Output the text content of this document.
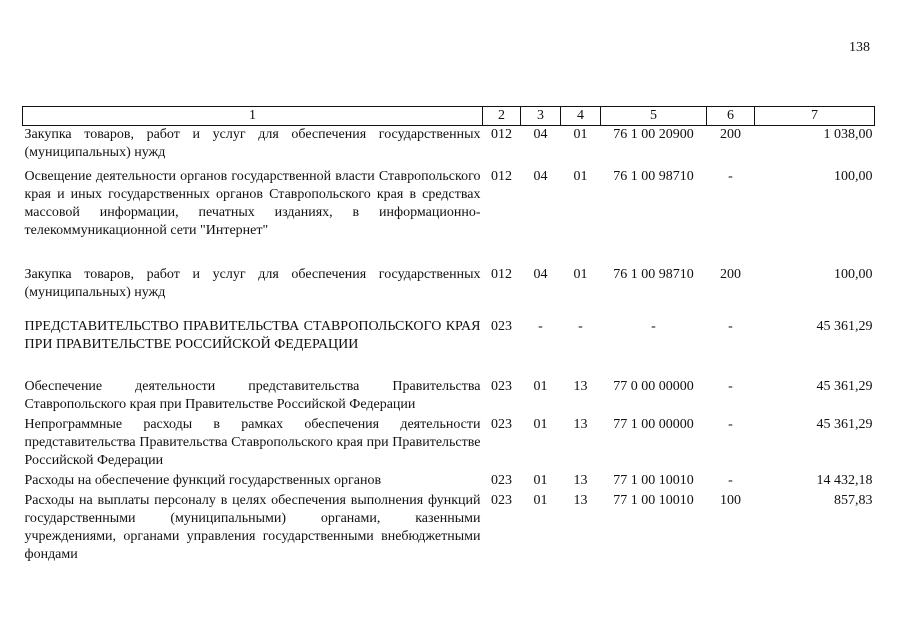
138
1	2	3	4	5	6	7
Закупка товаров, работ и услуг для обеспечения государственных (муниципальных) нужд	012	04	01	76 1 00 20900	200	1 038,00
Освещение деятельности органов государственной власти Ставропольского края и иных государственных органов Ставропольского края в средствах массовой информации, печатных изданиях, в информационно-телекоммуникационной сети "Интернет"	012	04	01	76 1 00 98710	-	100,00
Закупка товаров, работ и услуг для обеспечения государственных (муниципальных) нужд	012	04	01	76 1 00 98710	200	100,00
ПРЕДСТАВИТЕЛЬСТВО ПРАВИТЕЛЬСТВА СТАВРОПОЛЬСКОГО КРАЯ ПРИ ПРАВИТЕЛЬСТВЕ РОССИЙСКОЙ ФЕДЕРАЦИИ	023	-	-	-	-	45 361,29
Обеспечение деятельности представительства Правительства Ставропольского края при Правительстве Российской Федерации	023	01	13	77 0 00 00000	-	45 361,29
Непрограммные расходы в рамках обеспечения деятельности представительства Правительства Ставропольского края при Правительстве Российской Федерации	023	01	13	77 1 00 00000	-	45 361,29
Расходы на обеспечение функций государственных органов	023	01	13	77 1 00 10010	-	14 432,18
Расходы на выплаты персоналу в целях обеспечения выполнения функций государственными (муниципальными) органами, казенными учреждениями, органами управления государственными внебюджетными фондами	023	01	13	77 1 00 10010	100	857,83
